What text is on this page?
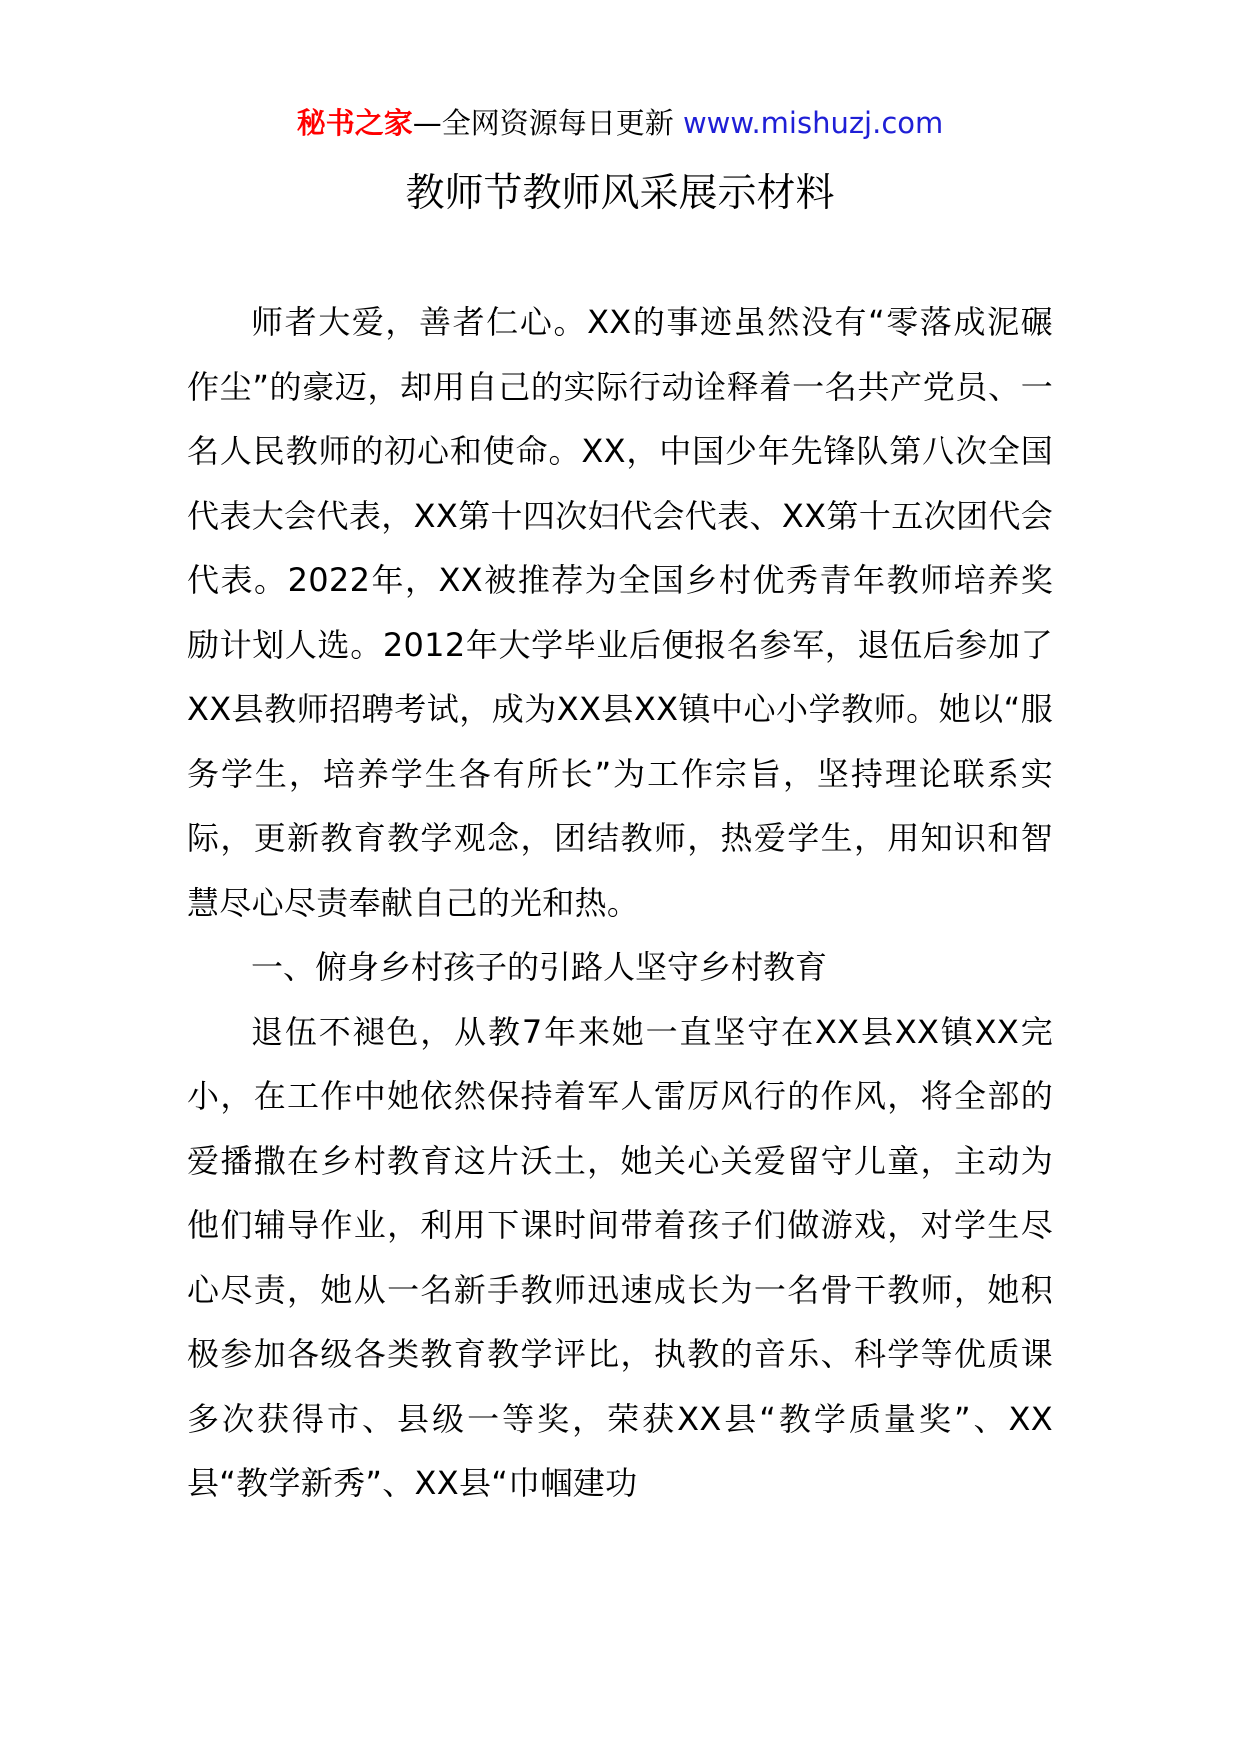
秘书之家—全网资源每日更新 www.mishuzj.com
教师节教师风采展示材料

师者大爱，善者仁心。XX的事迹虽然没有“零落成泥碾作尘”的豪迈，却用自己的实际行动诠释着一名共产党员、一名人民教师的初心和使命。XX，中国少年先锋队第八次全国代表大会代表，XX第十四次妇代会代表、XX第十五次团代会代表。2022年，XX被推荐为全国乡村优秀青年教师培养奖励计划人选。2012年大学毕业后便报名参军，退伍后参加了XX县教师招聘考试，成为XX县XX镇中心小学教师。她以“服务学生，培养学生各有所长”为工作宗旨，坚持理论联系实际，更新教育教学观念，团结教师，热爱学生，用知识和智慧尽心尽责奉献自己的光和热。

一、俯身乡村孩子的引路人坚守乡村教育

退伍不褪色，从教7年来她一直坚守在XX县XX镇XX完小，在工作中她依然保持着军人雷厉风行的作风，将全部的爱播撒在乡村教育这片沃土，她关心关爱留守儿童，主动为他们辅导作业，利用下课时间带着孩子们做游戏，对学生尽心尽责，她从一名新手教师迅速成长为一名骨干教师，她积极参加各级各类教育教学评比，执教的音乐、科学等优质课多次获得市、县级一等奖，荣获XX县“教学质量奖”、XX县“教学新秀”、XX县“巾帼建功
